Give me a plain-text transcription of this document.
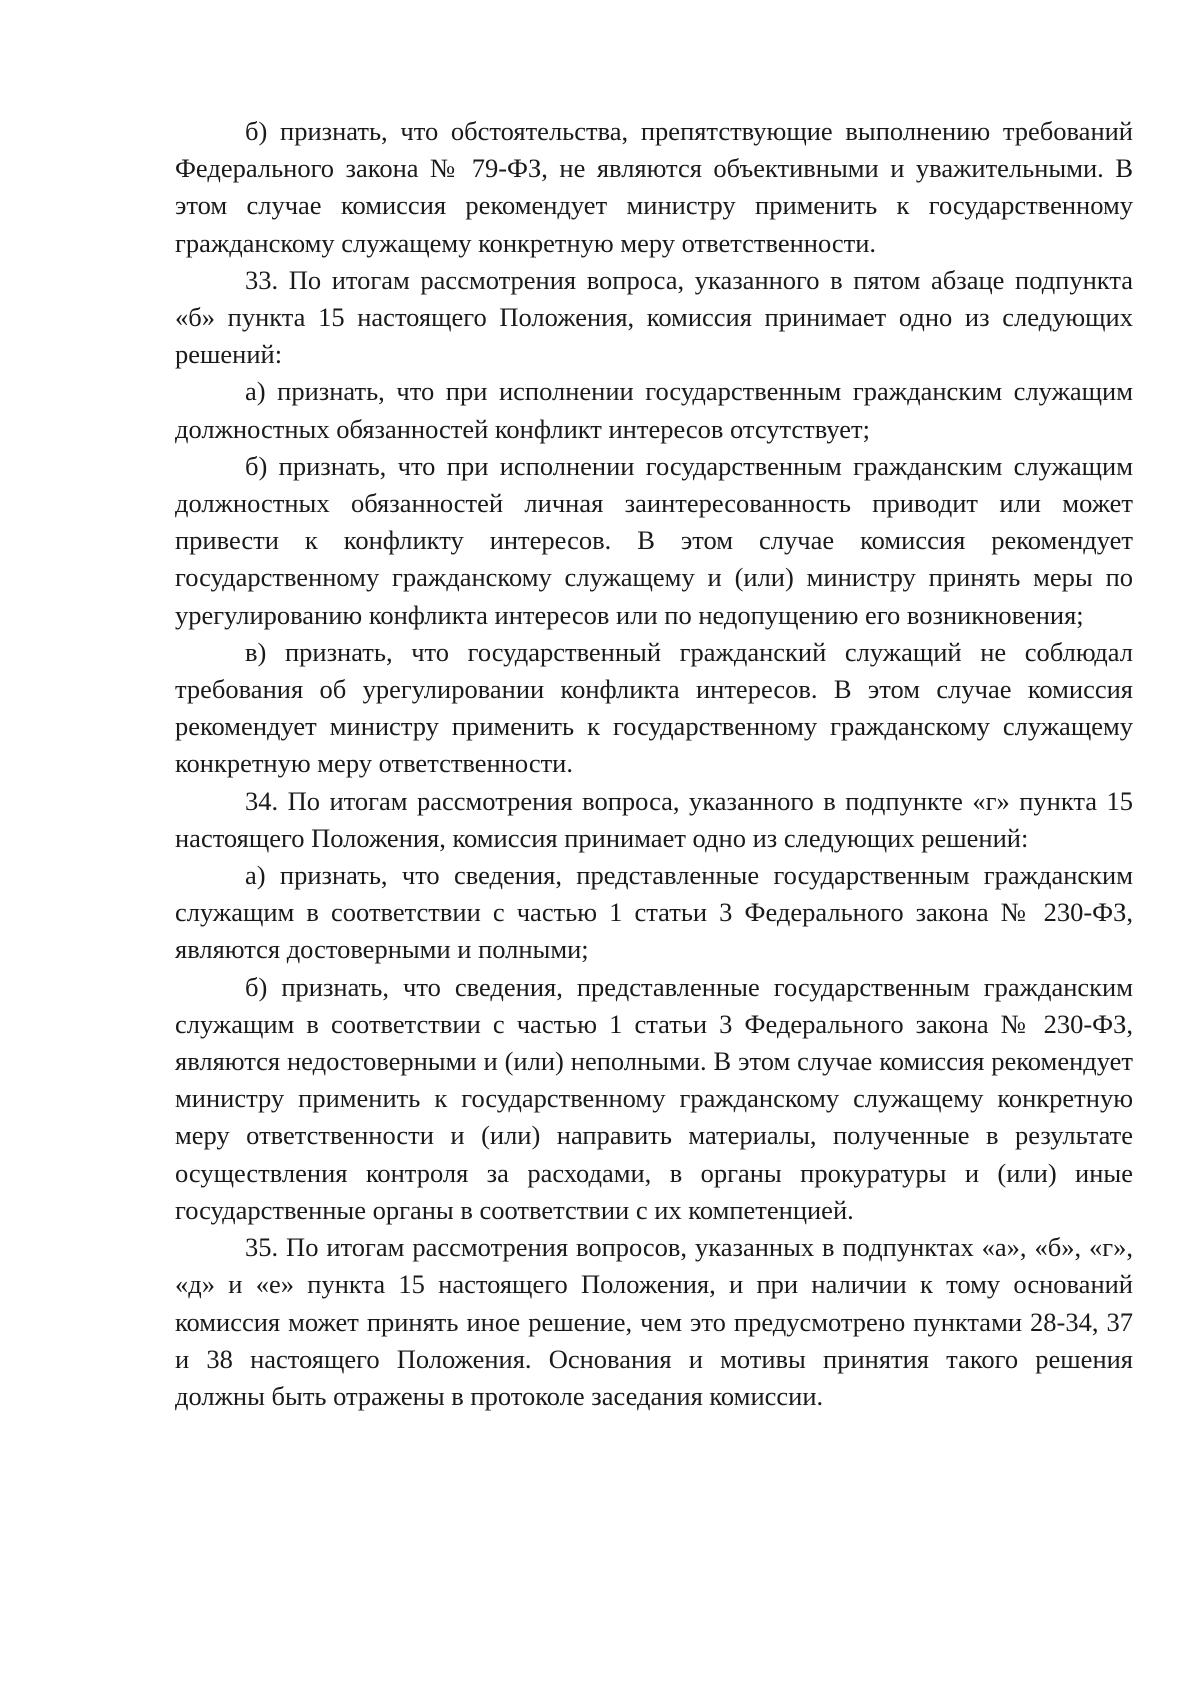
б) признать, что обстоятельства, препятствующие выполнению требований Федерального закона № 79-ФЗ, не являются объективными и уважительными. В этом случае комиссия рекомендует министру применить к государственному гражданскому служащему конкретную меру ответственности.

33. По итогам рассмотрения вопроса, указанного в пятом абзаце подпункта «б» пункта 15 настоящего Положения, комиссия принимает одно из следующих решений:

а) признать, что при исполнении государственным гражданским служащим должностных обязанностей конфликт интересов отсутствует;

б) признать, что при исполнении государственным гражданским служащим должностных обязанностей личная заинтересованность приводит или может привести к конфликту интересов. В этом случае комиссия рекомендует государственному гражданскому служащему и (или) министру принять меры по урегулированию конфликта интересов или по недопущению его возникновения;

в) признать, что государственный гражданский служащий не соблюдал требования об урегулировании конфликта интересов. В этом случае комиссия рекомендует министру применить к государственному гражданскому служащему конкретную меру ответственности.

34. По итогам рассмотрения вопроса, указанного в подпункте «г» пункта 15 настоящего Положения, комиссия принимает одно из следующих решений:

а) признать, что сведения, представленные государственным гражданским служащим в соответствии с частью 1 статьи 3 Федерального закона № 230-ФЗ, являются достоверными и полными;

б) признать, что сведения, представленные государственным гражданским служащим в соответствии с частью 1 статьи 3 Федерального закона № 230-ФЗ, являются недостоверными и (или) неполными. В этом случае комиссия рекомендует министру применить к государственному гражданскому служащему конкретную меру ответственности и (или) направить материалы, полученные в результате осуществления контроля за расходами, в органы прокуратуры и (или) иные государственные органы в соответствии с их компетенцией.

35. По итогам рассмотрения вопросов, указанных в подпунктах «а», «б», «г», «д» и «е» пункта 15 настоящего Положения, и при наличии к тому оснований комиссия может принять иное решение, чем это предусмотрено пунктами 28-34, 37 и 38 настоящего Положения. Основания и мотивы принятия такого решения должны быть отражены в протоколе заседания комиссии.
